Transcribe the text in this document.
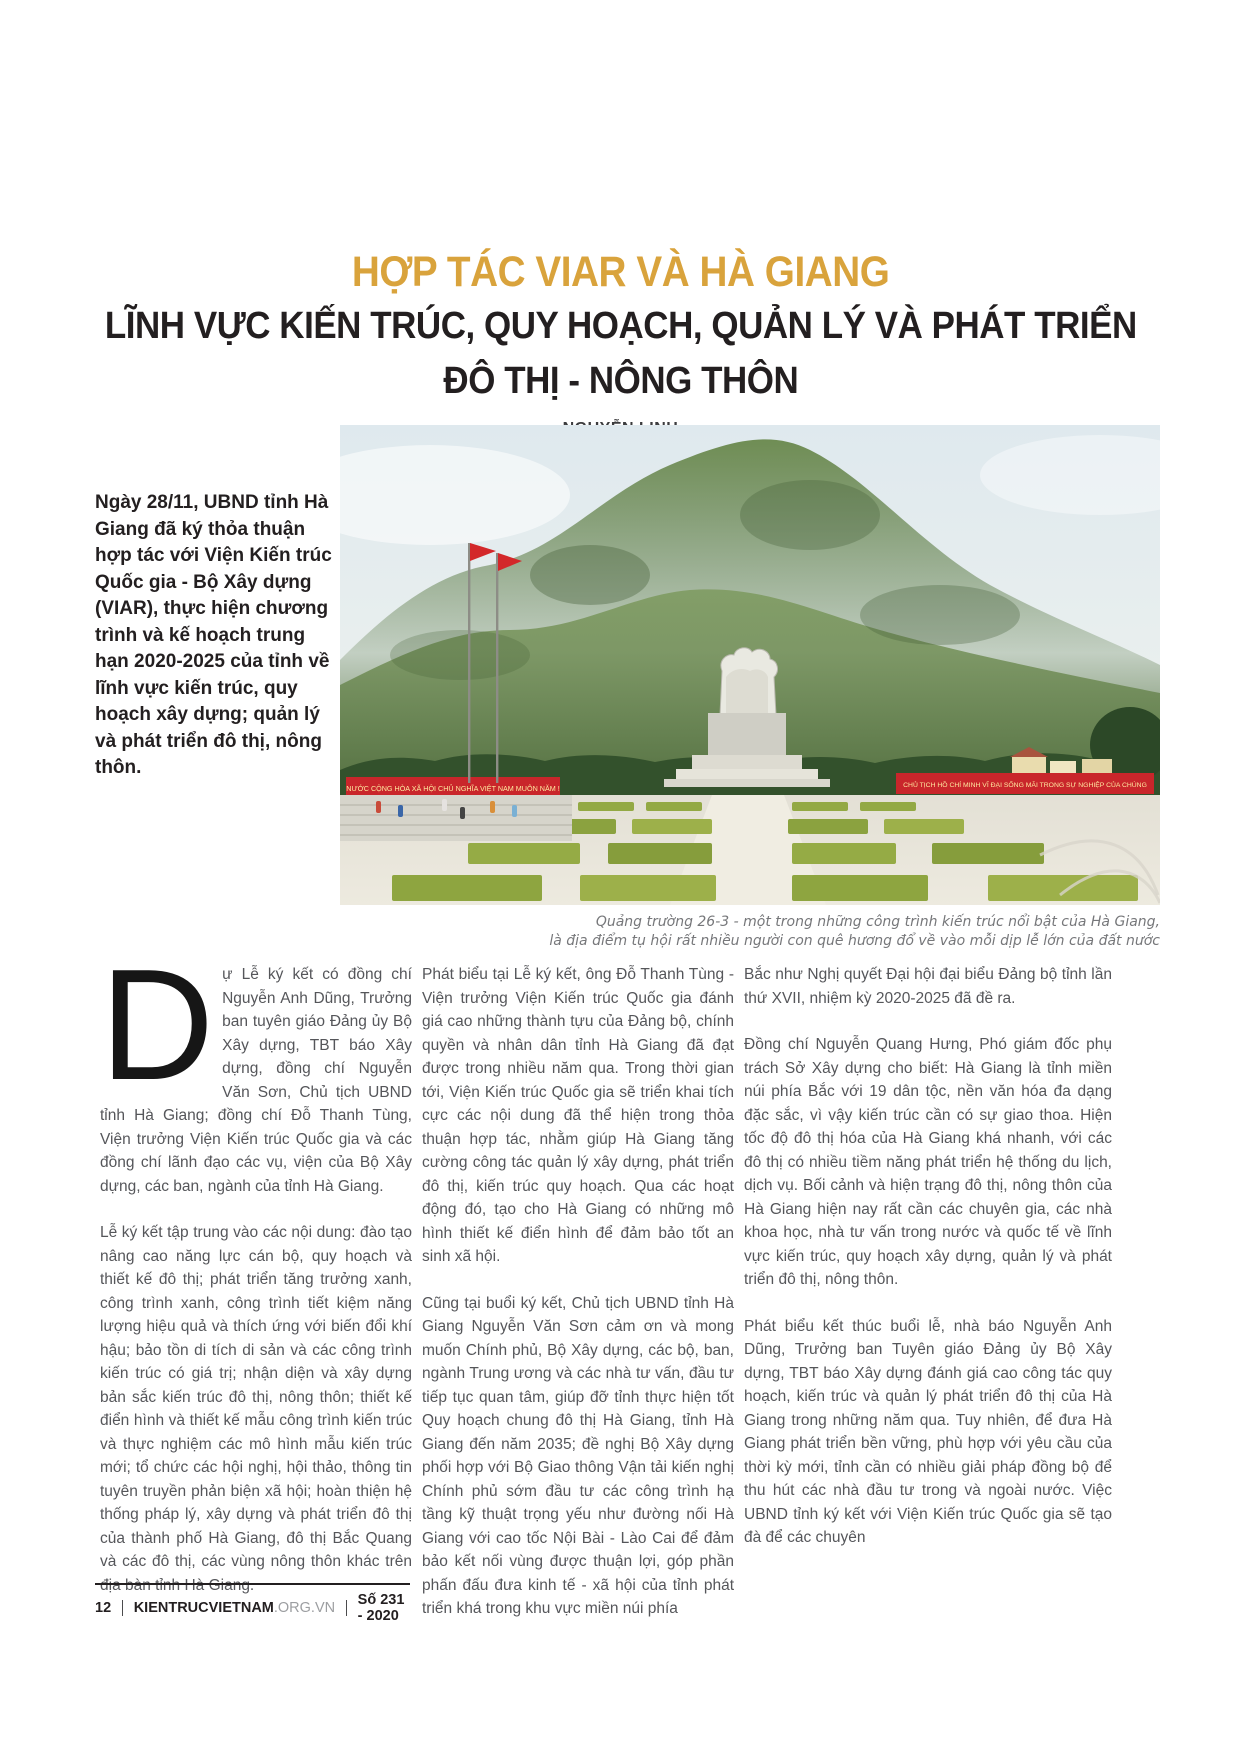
HỢP TÁC VIAR VÀ HÀ GIANG
LĨNH VỰC KIẾN TRÚC, QUY HOẠCH, QUẢN LÝ VÀ PHÁT TRIỂN
ĐÔ THỊ - NÔNG THÔN
Ngày 28/11, UBND tỉnh Hà Giang đã ký thỏa thuận hợp tác với Viện Kiến trúc Quốc gia - Bộ Xây dựng (VIAR), thực hiện chương trình và kế hoạch trung hạn 2020-2025 của tỉnh về lĩnh vực kiến trúc, quy hoạch xây dựng; quản lý và phát triển đô thị, nông thôn.
NƯỚC CỘNG HÒA XÃ HỘI CHỦ NGHĨA VIỆT NAM MUÔN NĂM !	CHỦ TỊCH HỒ CHÍ MINH VĨ ĐẠI SỐNG MÃI TRONG SỰ NGHIỆP CỦA CHÚNG
Quảng trường 26-3 - một trong những công trình kiến trúc nổi bật của Hà Giang,
là địa điểm tụ hội rất nhiều người con quê hương đổ về vào mỗi dịp lễ lớn của đất nước

Dự Lễ ký kết có đồng chí Nguyễn Anh Dũng, Trưởng ban tuyên giáo Đảng ủy Bộ Xây dựng, TBT báo Xây dựng, đồng chí Nguyễn Văn Sơn, Chủ tịch UBND tỉnh Hà Giang; đồng chí Đỗ Thanh Tùng, Viện trưởng Viện Kiến trúc Quốc gia và các đồng chí lãnh đạo các vụ, viện của Bộ Xây dựng, các ban, ngành của tỉnh Hà Giang.

Lễ ký kết tập trung vào các nội dung: đào tạo nâng cao năng lực cán bộ, quy hoạch và thiết kế đô thị; phát triển tăng trưởng xanh, công trình xanh, công trình tiết kiệm năng lượng hiệu quả và thích ứng với biến đổi khí hậu; bảo tồn di tích di sản và các công trình kiến trúc có giá trị; nhận diện và xây dựng bản sắc kiến trúc đô thị, nông thôn; thiết kế điển hình và thiết kế mẫu công trình kiến trúc và thực nghiệm các mô hình mẫu kiến trúc mới; tổ chức các hội nghị, hội thảo, thông tin tuyên truyền phản biện xã hội; hoàn thiện hệ thống pháp lý, xây dựng và phát triển đô thị của thành phố Hà Giang, đô thị Bắc Quang và các đô thị, các vùng nông thôn khác trên địa bàn tỉnh Hà Giang.

Phát biểu tại Lễ ký kết, ông Đỗ Thanh Tùng - Viện trưởng Viện Kiến trúc Quốc gia đánh giá cao những thành tựu của Đảng bộ, chính quyền và nhân dân tỉnh Hà Giang đã đạt được trong nhiều năm qua. Trong thời gian tới, Viện Kiến trúc Quốc gia sẽ triển khai tích cực các nội dung đã thể hiện trong thỏa thuận hợp tác, nhằm giúp Hà Giang tăng cường công tác quản lý xây dựng, phát triển đô thị, kiến trúc quy hoạch. Qua các hoạt động đó, tạo cho Hà Giang có những mô hình thiết kế điển hình để đảm bảo tốt an sinh xã hội.

Cũng tại buổi ký kết, Chủ tịch UBND tỉnh Hà Giang Nguyễn Văn Sơn cảm ơn và mong muốn Chính phủ, Bộ Xây dựng, các bộ, ban, ngành Trung ương và các nhà tư vấn, đầu tư tiếp tục quan tâm, giúp đỡ tỉnh thực hiện tốt Quy hoạch chung đô thị Hà Giang, tỉnh Hà Giang đến năm 2035; đề nghị Bộ Xây dựng phối hợp với Bộ Giao thông Vận tải kiến nghị Chính phủ sớm đầu tư các công trình hạ tầng kỹ thuật trọng yếu như đường nối Hà Giang với cao tốc Nội Bài - Lào Cai để đảm bảo kết nối vùng được thuận lợi, góp phần phấn đấu đưa kinh tế - xã hội của tỉnh phát triển khá trong khu vực miền núi phía

Bắc như Nghị quyết Đại hội đại biểu Đảng bộ tỉnh lần thứ XVII, nhiệm kỳ 2020-2025 đã đề ra.

Đồng chí Nguyễn Quang Hưng, Phó giám đốc phụ trách Sở Xây dựng cho biết: Hà Giang là tỉnh miền núi phía Bắc với 19 dân tộc, nền văn hóa đa dạng đặc sắc, vì vậy kiến trúc cần có sự giao thoa. Hiện tốc độ đô thị hóa của Hà Giang khá nhanh, với các đô thị có nhiều tiềm năng phát triển hệ thống du lịch, dịch vụ. Bối cảnh và hiện trạng đô thị, nông thôn của Hà Giang hiện nay rất cần các chuyên gia, các nhà khoa học, nhà tư vấn trong nước và quốc tế về lĩnh vực kiến trúc, quy hoạch xây dựng, quản lý và phát triển đô thị, nông thôn.

Phát biểu kết thúc buổi lễ, nhà báo Nguyễn Anh Dũng, Trưởng ban Tuyên giáo Đảng ủy Bộ Xây dựng, TBT báo Xây dựng đánh giá cao công tác quy hoạch, kiến trúc và quản lý phát triển đô thị của Hà Giang trong những năm qua. Tuy nhiên, để đưa Hà Giang phát triển bền vững, phù hợp với yêu cầu của thời kỳ mới, tỉnh cần có nhiều giải pháp đồng bộ để thu hút các nhà đầu tư trong và ngoài nước. Việc UBND tỉnh ký kết với Viện Kiến trúc Quốc gia sẽ tạo đà để các chuyên

12 KIENTRUCVIETNAM.ORG.VN Số 231 - 2020
